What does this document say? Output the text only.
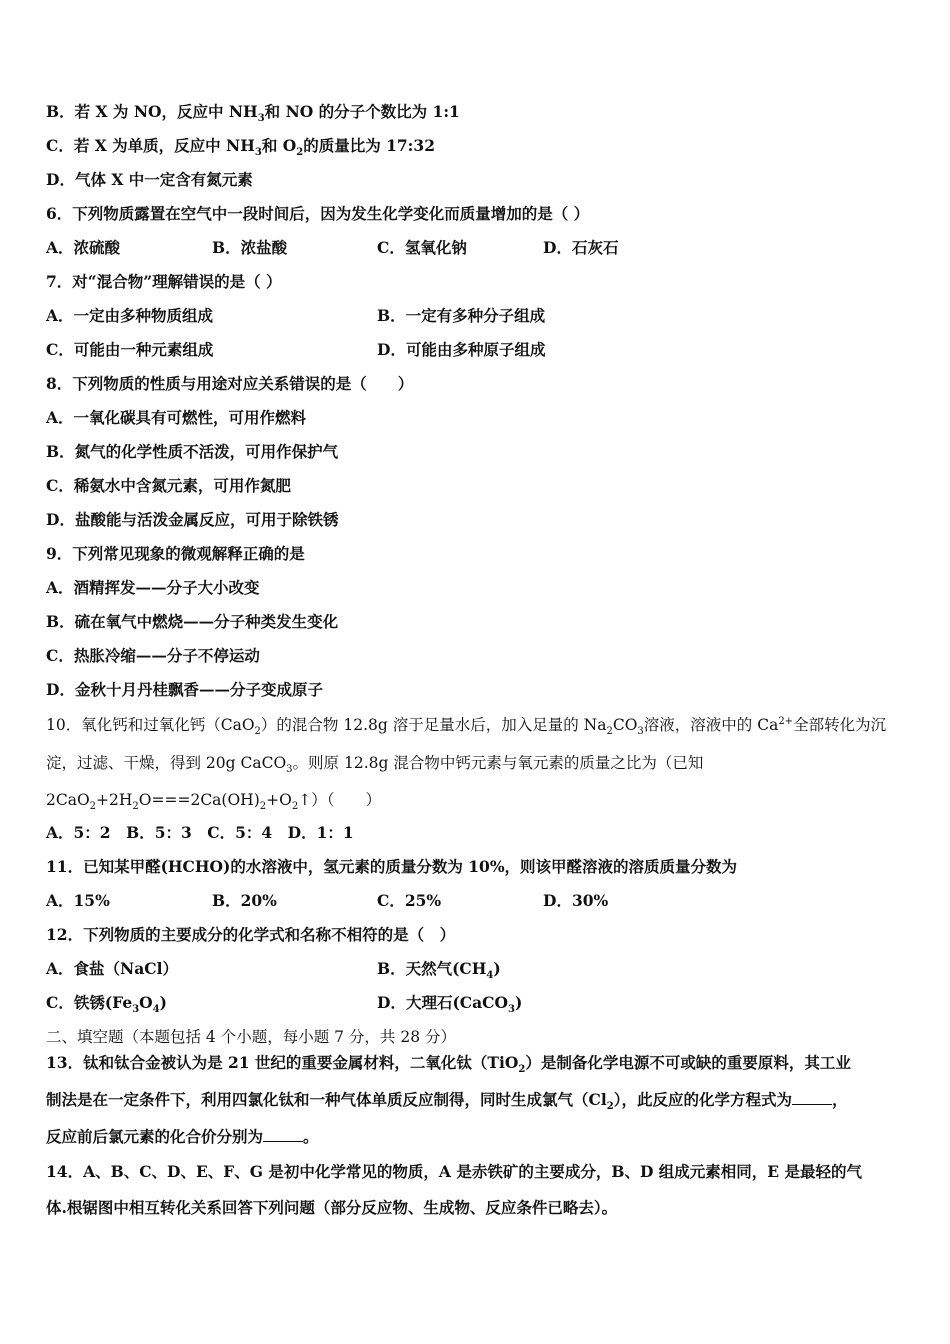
B．若 X 为 NO，反应中 $NH_3$和 NO 的分子个数比为 1:1
C．若 X 为单质，反应中 $NH_3$和 $O_2$的质量比为 17:32
D．气体 X 中一定含有氮元素
6．下列物质露置在空气中一段时间后，因为发生化学变化而质量增加的是（ ）
A．浓硫酸	B．浓盐酸	C．氢氧化钠	D．石灰石
7．对“混合物”理解错误的是（ ）
A．一定由多种物质组成	B．一定有多种分子组成
C．可能由一种元素组成	D．可能由多种原子组成
8．下列物质的性质与用途对应关系错误的是（　　）
A．一氧化碳具有可燃性，可用作燃料
B．氮气的化学性质不活泼，可用作保护气
C．稀氨水中含氮元素，可用作氮肥
D．盐酸能与活泼金属反应，可用于除铁锈
9．下列常见现象的微观解释正确的是
A．酒精挥发——分子大小改变
B．硫在氧气中燃烧——分子种类发生变化
C．热胀冷缩——分子不停运动
D．金秋十月丹桂飘香——分子变成原子
10．氧化钙和过氧化钙（CaO$_2$）的混合物 12.8g 溶于足量水后，加入足量的 $Na_2CO_3$溶液，溶液中的 $Ca^{2+}$全部转化为沉
淀，过滤、干燥，得到 20g CaCO$_3$。则原 12.8g 混合物中钙元素与氧元素的质量之比为（已知
$2CaO_2+2H_2O===2Ca(OH)_2+O_2↑$）（　　）
A．5：2　B．5：3　C．5：4　D．1：1
11．已知某甲醛(HCHO)的水溶液中，氢元素的质量分数为 10%，则该甲醛溶液的溶质质量分数为
A．15%	B．20%	C．25%	D．30%
12．下列物质的主要成分的化学式和名称不相符的是（　）
A．食盐（NaCl）	B．天然气$(CH_4)$
C．铁锈$(Fe_3O_4)$	D．大理石(CaCO$_3$)
二、填空题（本题包括 4 个小题，每小题 7 分，共 28 分）
13．钛和钛合金被认为是 21 世纪的重要金属材料，二氧化钛（TiO$_2$）是制备化学电源不可或缺的重要原料，其工业
制法是在一定条件下，利用四氯化钛和一种气体单质反应制得，同时生成氯气$(Cl_2)$，此反应的化学方程式为	，
反应前后氯元素的化合价分别为	。
14．A、B、C、D、E、F、G 是初中化学常见的物质，A 是赤铁矿的主要成分，B、D 组成元素相同，E 是最轻的气
体.根锯图中相互转化关系回答下列问题（部分反应物、生成物、反应条件已略去）。
